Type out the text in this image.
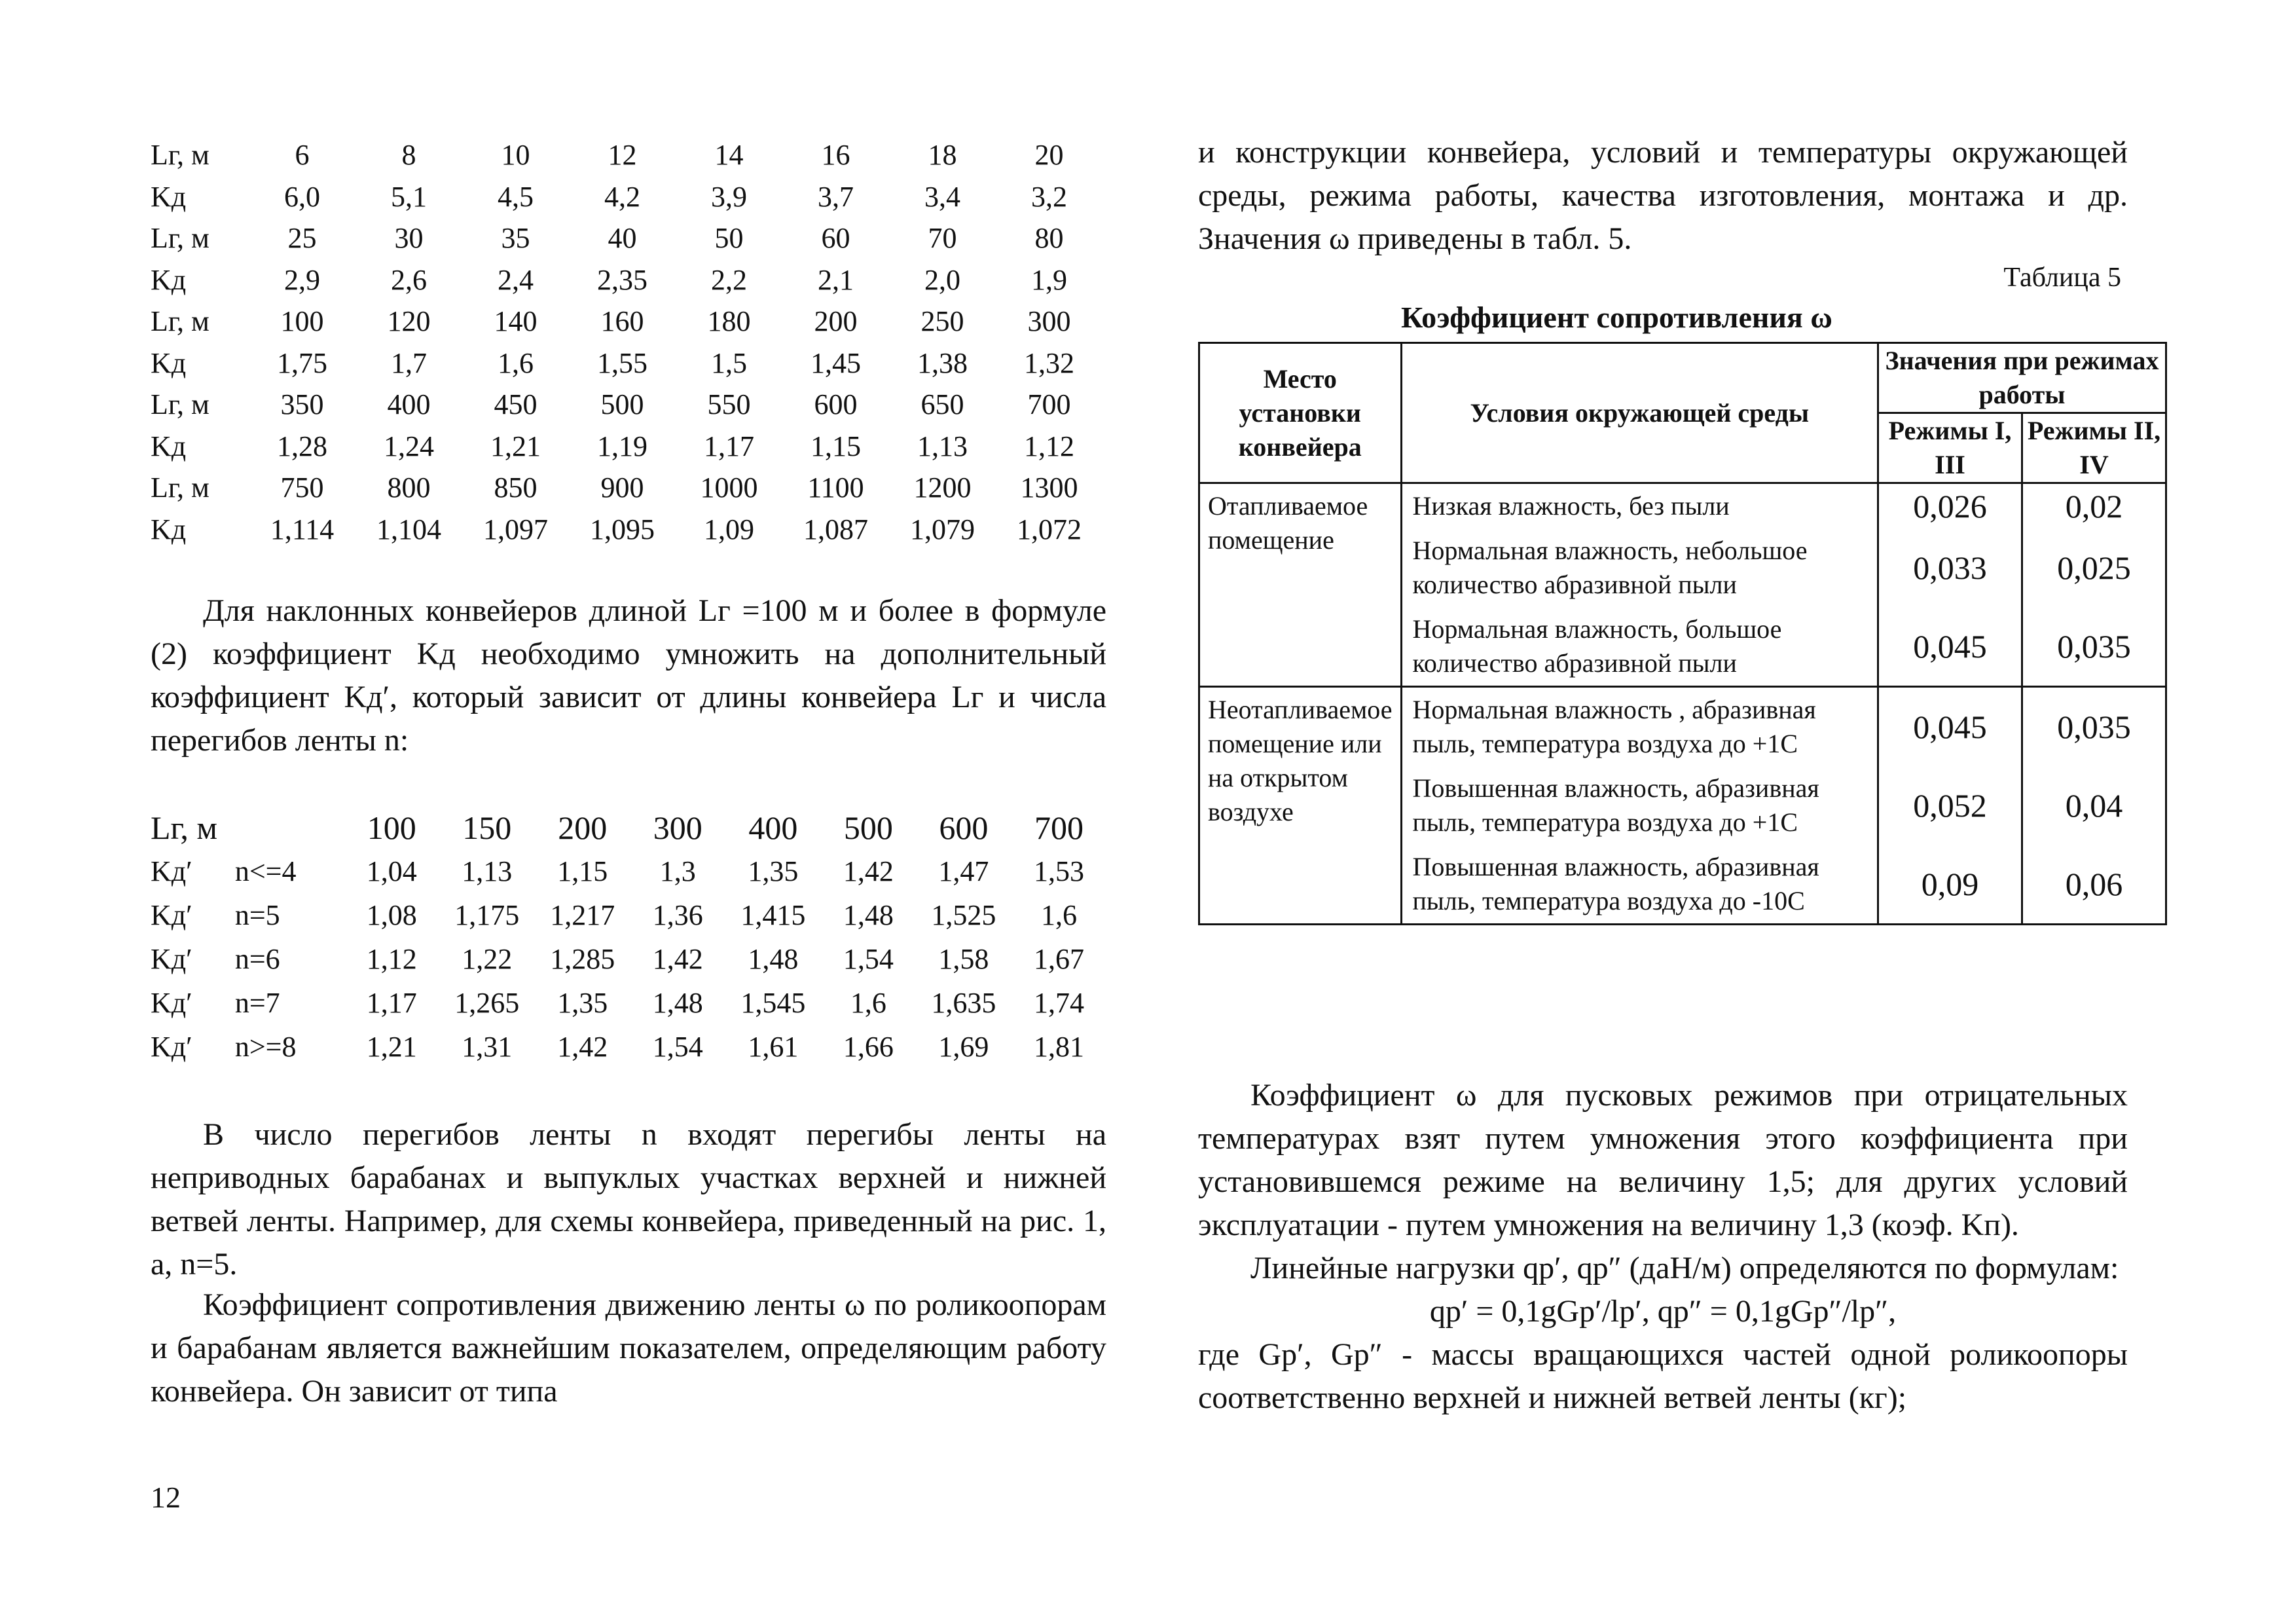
Lг, м	6	8	10	12	14	16	18	20
Kд	6,0	5,1	4,5	4,2	3,9	3,7	3,4	3,2
Lг, м	25	30	35	40	50	60	70	80
Kд	2,9	2,6	2,4	2,35	2,2	2,1	2,0	1,9
Lг, м	100	120	140	160	180	200	250	300
Kд	1,75	1,7	1,6	1,55	1,5	1,45	1,38	1,32
Lг, м	350	400	450	500	550	600	650	700
Kд	1,28	1,24	1,21	1,19	1,17	1,15	1,13	1,12
Lг, м	750	800	850	900	1000	1100	1200	1300
Kд	1,114	1,104	1,097	1,095	1,09	1,087	1,079	1,072

Для наклонных конвейеров длиной Lг =100 м и более в формуле (2) коэффициент Kд необходимо умножить на дополнительный коэффициент Kд′, который зависит от длины конвейера Lг и числа перегибов ленты n:

Lг, м		100	150	200	300	400	500	600	700
Kд′	n<=4	1,04	1,13	1,15	1,3	1,35	1,42	1,47	1,53
Kд′	n=5	1,08	1,175	1,217	1,36	1,415	1,48	1,525	1,6
Kд′	n=6	1,12	1,22	1,285	1,42	1,48	1,54	1,58	1,67
Kд′	n=7	1,17	1,265	1,35	1,48	1,545	1,6	1,635	1,74
Kд′	n>=8	1,21	1,31	1,42	1,54	1,61	1,66	1,69	1,81

В число перегибов ленты n входят перегибы ленты на неприводных барабанах и выпуклых участках верхней и нижней ветвей ленты. Например, для схемы конвейера, приведенный на рис. 1, а, n=5.

Коэффициент сопротивления движению ленты ω по роликоопорам и барабанам является важнейшим показателем, определяющим работу конвейера. Он зависит от типа

12

и конструкции конвейера, условий и температуры окружающей среды, режима работы, качества изготовления, монтажа и др. Значения ω приведены в табл. 5.

Таблица 5
Коэффициент сопротивления ω
Место установки конвейера	Условия окружающей среды	Значения при режимах работы	
		Режимы I, III	Режимы II, IV
Отапливаемое помещение	Низкая влажность, без пыли	0,026	0,02
	Нормальная влажность, небольшое количество абразивной пыли	0,033	0,025
	Нормальная влажность, большое количество абразивной пыли	0,045	0,035
Неотапливаемое помещение или на открытом воздухе	Нормальная влажность , абразивная пыль, температура воздуха до +1С	0,045	0,035
	Повышенная влажность, абразивная пыль, температура воздуха до +1С	0,052	0,04
	Повышенная влажность, абразивная пыль, температура воздуха до -10С	0,09	0,06

Коэффициент ω для пусковых режимов при отрицательных температурах взят путем умножения этого коэффициента при установившемся режиме на величину 1,5; для других условий эксплуатации - путем умножения на величину 1,3 (коэф. Kп).

Линейные нагрузки qр′, qр″ (даН/м) определяются по формулам:

qр′ = 0,1gGр′/lр′, qр″ = 0,1gGр″/lр″,

где Gр′, Gр″ - массы вращающихся частей одной роликоопоры соответственно верхней и нижней ветвей ленты (кг);
